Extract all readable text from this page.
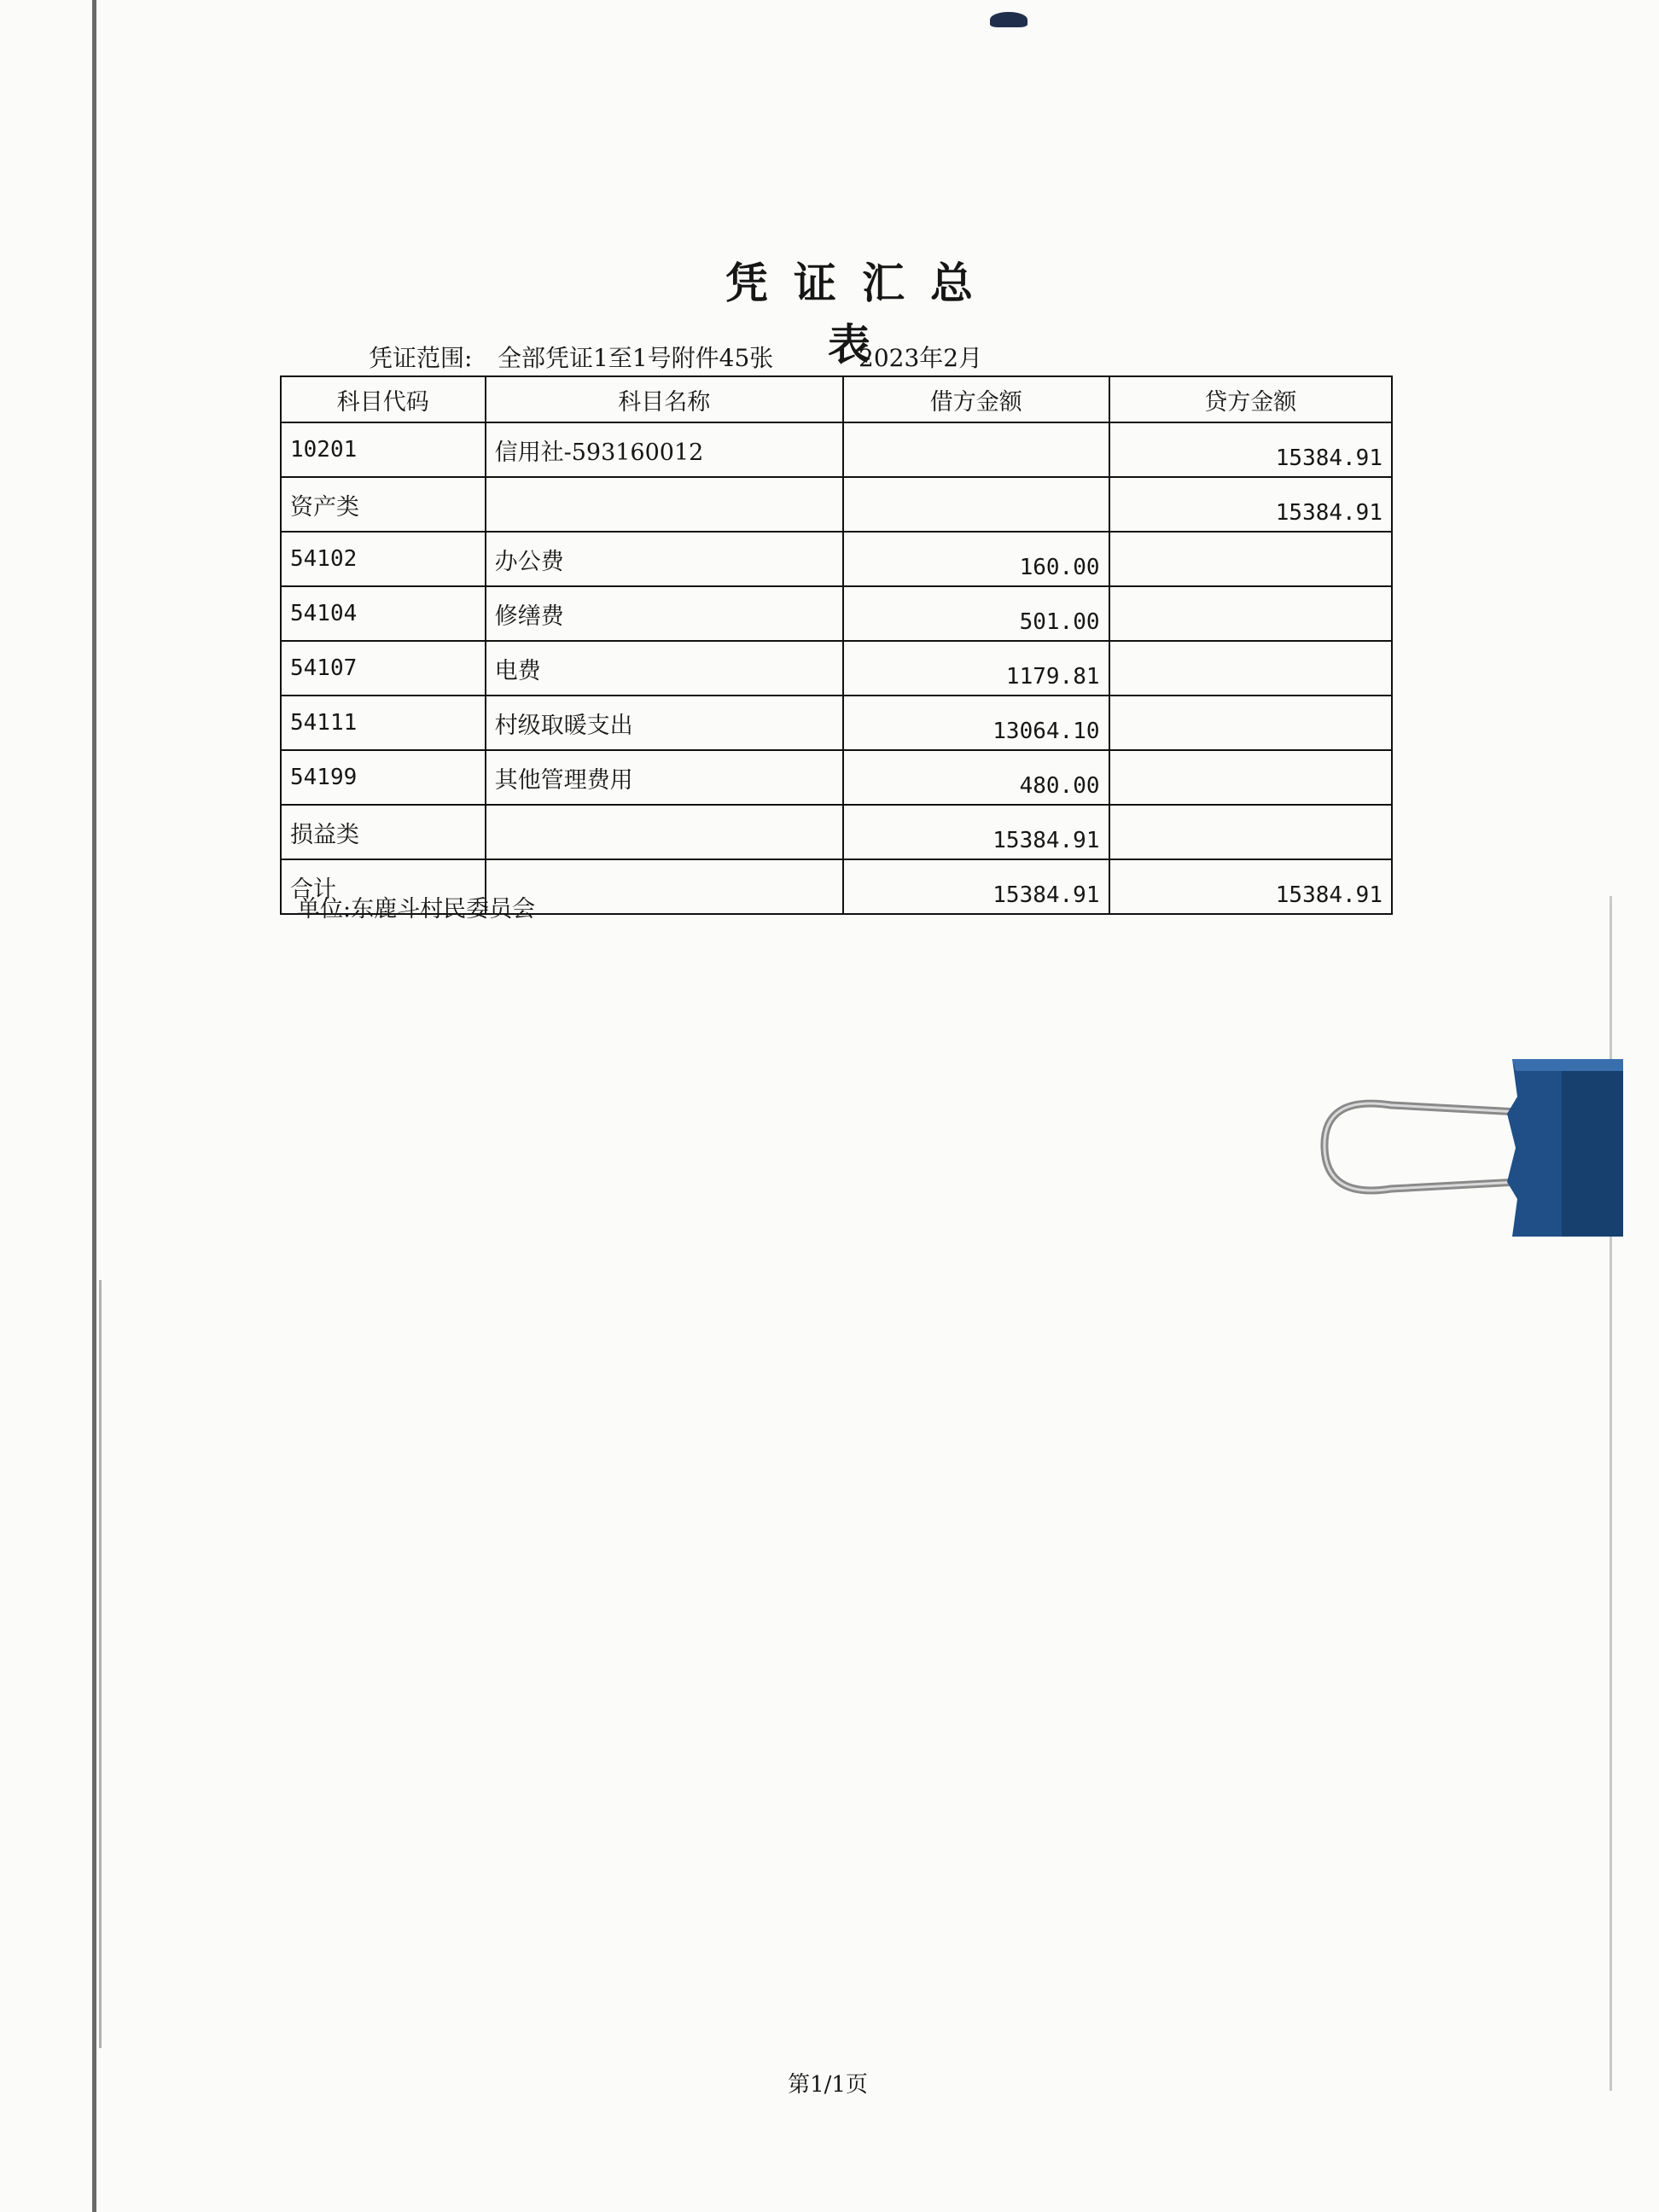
凭证汇总表
凭证范围: 全部凭证1至1号附件45张	2023年2月
科目代码	科目名称	借方金额	贷方金额
10201	信用社-593160012		15384.91
资产类			15384.91
54102	办公费	160.00	
54104	修缮费	501.00	
54107	电费	1179.81	
54111	村级取暖支出	13064.10	
54199	其他管理费用	480.00	
损益类		15384.91	
合计		15384.91	15384.91
单位:东鹿斗村民委员会
第1/1页
